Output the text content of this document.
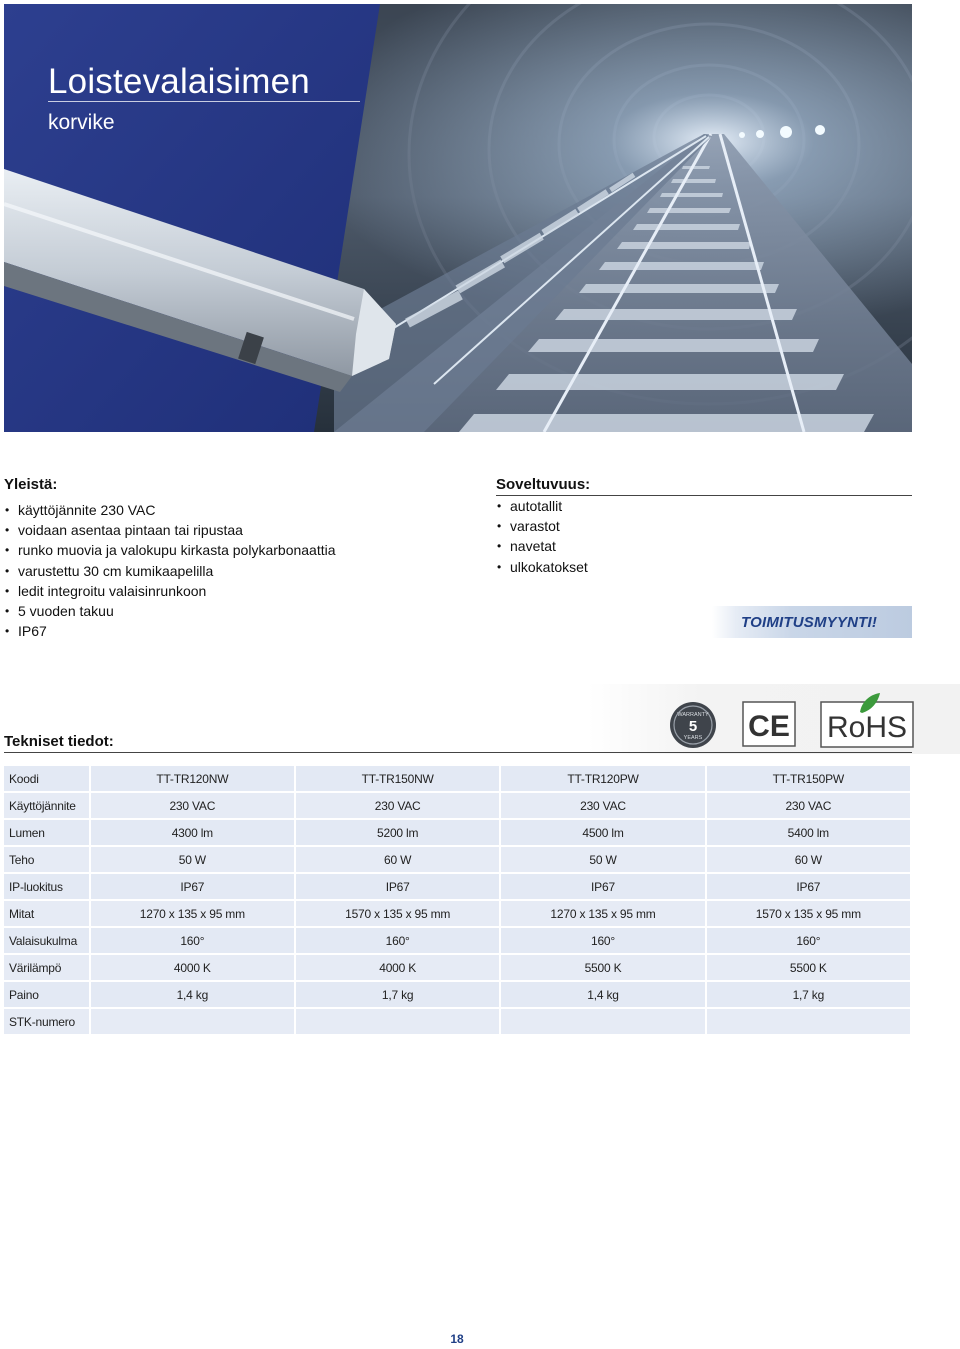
Loistevalaisimen
korvike
Yleistä:
• käyttöjännite 230 VAC
• voidaan asentaa pintaan tai ripustaa
• runko muovia ja valokupu kirkasta polykarbonaattia
• varustettu 30 cm kumikaapelilla
• ledit integroitu valaisinrunkoon
• 5 vuoden takuu
• IP67
Soveltuvuus:
• autotallit
• varastot
• navetat
• ulkokatokset
TOIMITUSMYYNTI!
WARRANTY
5
YEARS CE RoHS
Tekniset tiedot:
Koodi	TT-TR120NW	TT-TR150NW	TT-TR120PW	TT-TR150PW
Käyttöjännite	230 VAC	230 VAC	230 VAC	230 VAC
Lumen	4300 lm	5200 lm	4500 lm	5400 lm
Teho	50 W	60 W	50 W	60 W
IP-luokitus	IP67	IP67	IP67	IP67
Mitat	1270 x 135 x 95 mm	1570 x 135 x 95 mm	1270 x 135 x 95 mm	1570 x 135 x 95 mm
Valaisukulma	160°	160°	160°	160°
Värilämpö	4000 K	4000 K	5500 K	5500 K
Paino	1,4 kg	1,7 kg	1,4 kg	1,7 kg
STK-numero				
18
